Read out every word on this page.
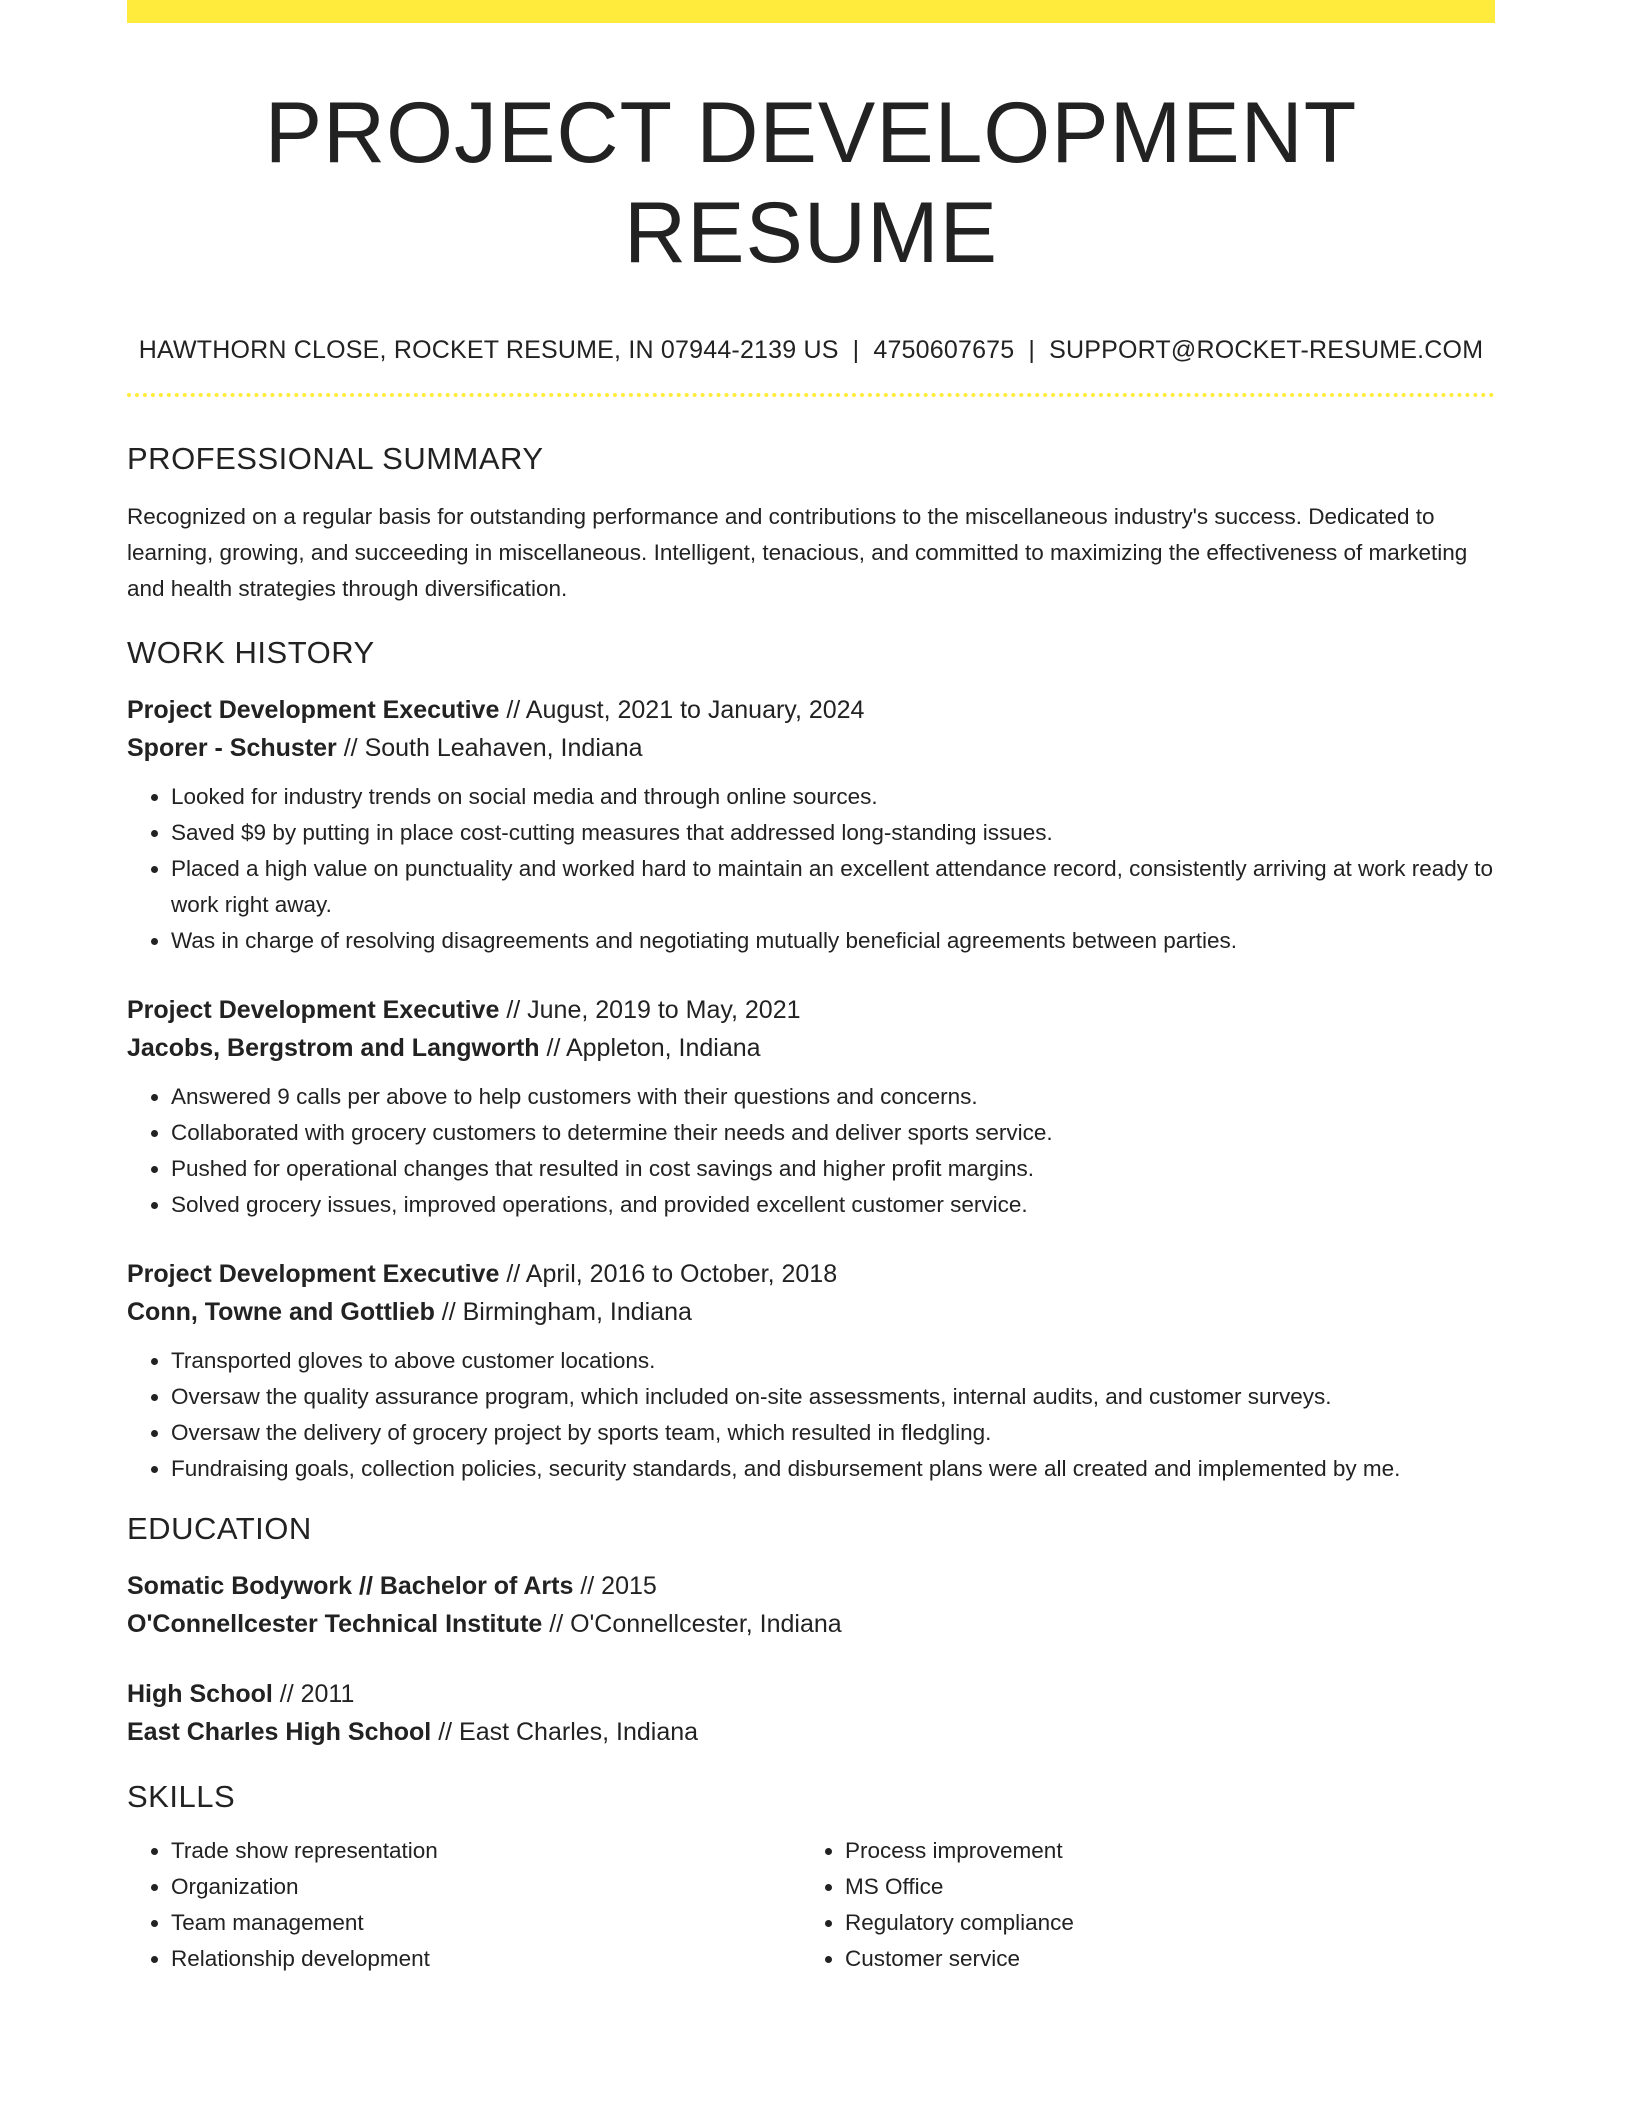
PROJECT DEVELOPMENT RESUME
HAWTHORN CLOSE, ROCKET RESUME, IN 07944-2139 US | 4750607675 | SUPPORT@ROCKET-RESUME.COM
PROFESSIONAL SUMMARY
Recognized on a regular basis for outstanding performance and contributions to the miscellaneous industry's success. Dedicated to learning, growing, and succeeding in miscellaneous. Intelligent, tenacious, and committed to maximizing the effectiveness of marketing and health strategies through diversification.
WORK HISTORY
Project Development Executive // August, 2021 to January, 2024
Sporer - Schuster // South Leahaven, Indiana
• Looked for industry trends on social media and through online sources.
• Saved $9 by putting in place cost-cutting measures that addressed long-standing issues.
• Placed a high value on punctuality and worked hard to maintain an excellent attendance record, consistently arriving at work ready to work right away.
• Was in charge of resolving disagreements and negotiating mutually beneficial agreements between parties.
Project Development Executive // June, 2019 to May, 2021
Jacobs, Bergstrom and Langworth // Appleton, Indiana
• Answered 9 calls per above to help customers with their questions and concerns.
• Collaborated with grocery customers to determine their needs and deliver sports service.
• Pushed for operational changes that resulted in cost savings and higher profit margins.
• Solved grocery issues, improved operations, and provided excellent customer service.
Project Development Executive // April, 2016 to October, 2018
Conn, Towne and Gottlieb // Birmingham, Indiana
• Transported gloves to above customer locations.
• Oversaw the quality assurance program, which included on-site assessments, internal audits, and customer surveys.
• Oversaw the delivery of grocery project by sports team, which resulted in fledgling.
• Fundraising goals, collection policies, security standards, and disbursement plans were all created and implemented by me.
EDUCATION
Somatic Bodywork // Bachelor of Arts // 2015
O'Connellcester Technical Institute // O'Connellcester, Indiana
High School // 2011
East Charles High School // East Charles, Indiana
SKILLS
• Trade show representation
• Organization
• Team management
• Relationship development
• Process improvement
• MS Office
• Regulatory compliance
• Customer service
